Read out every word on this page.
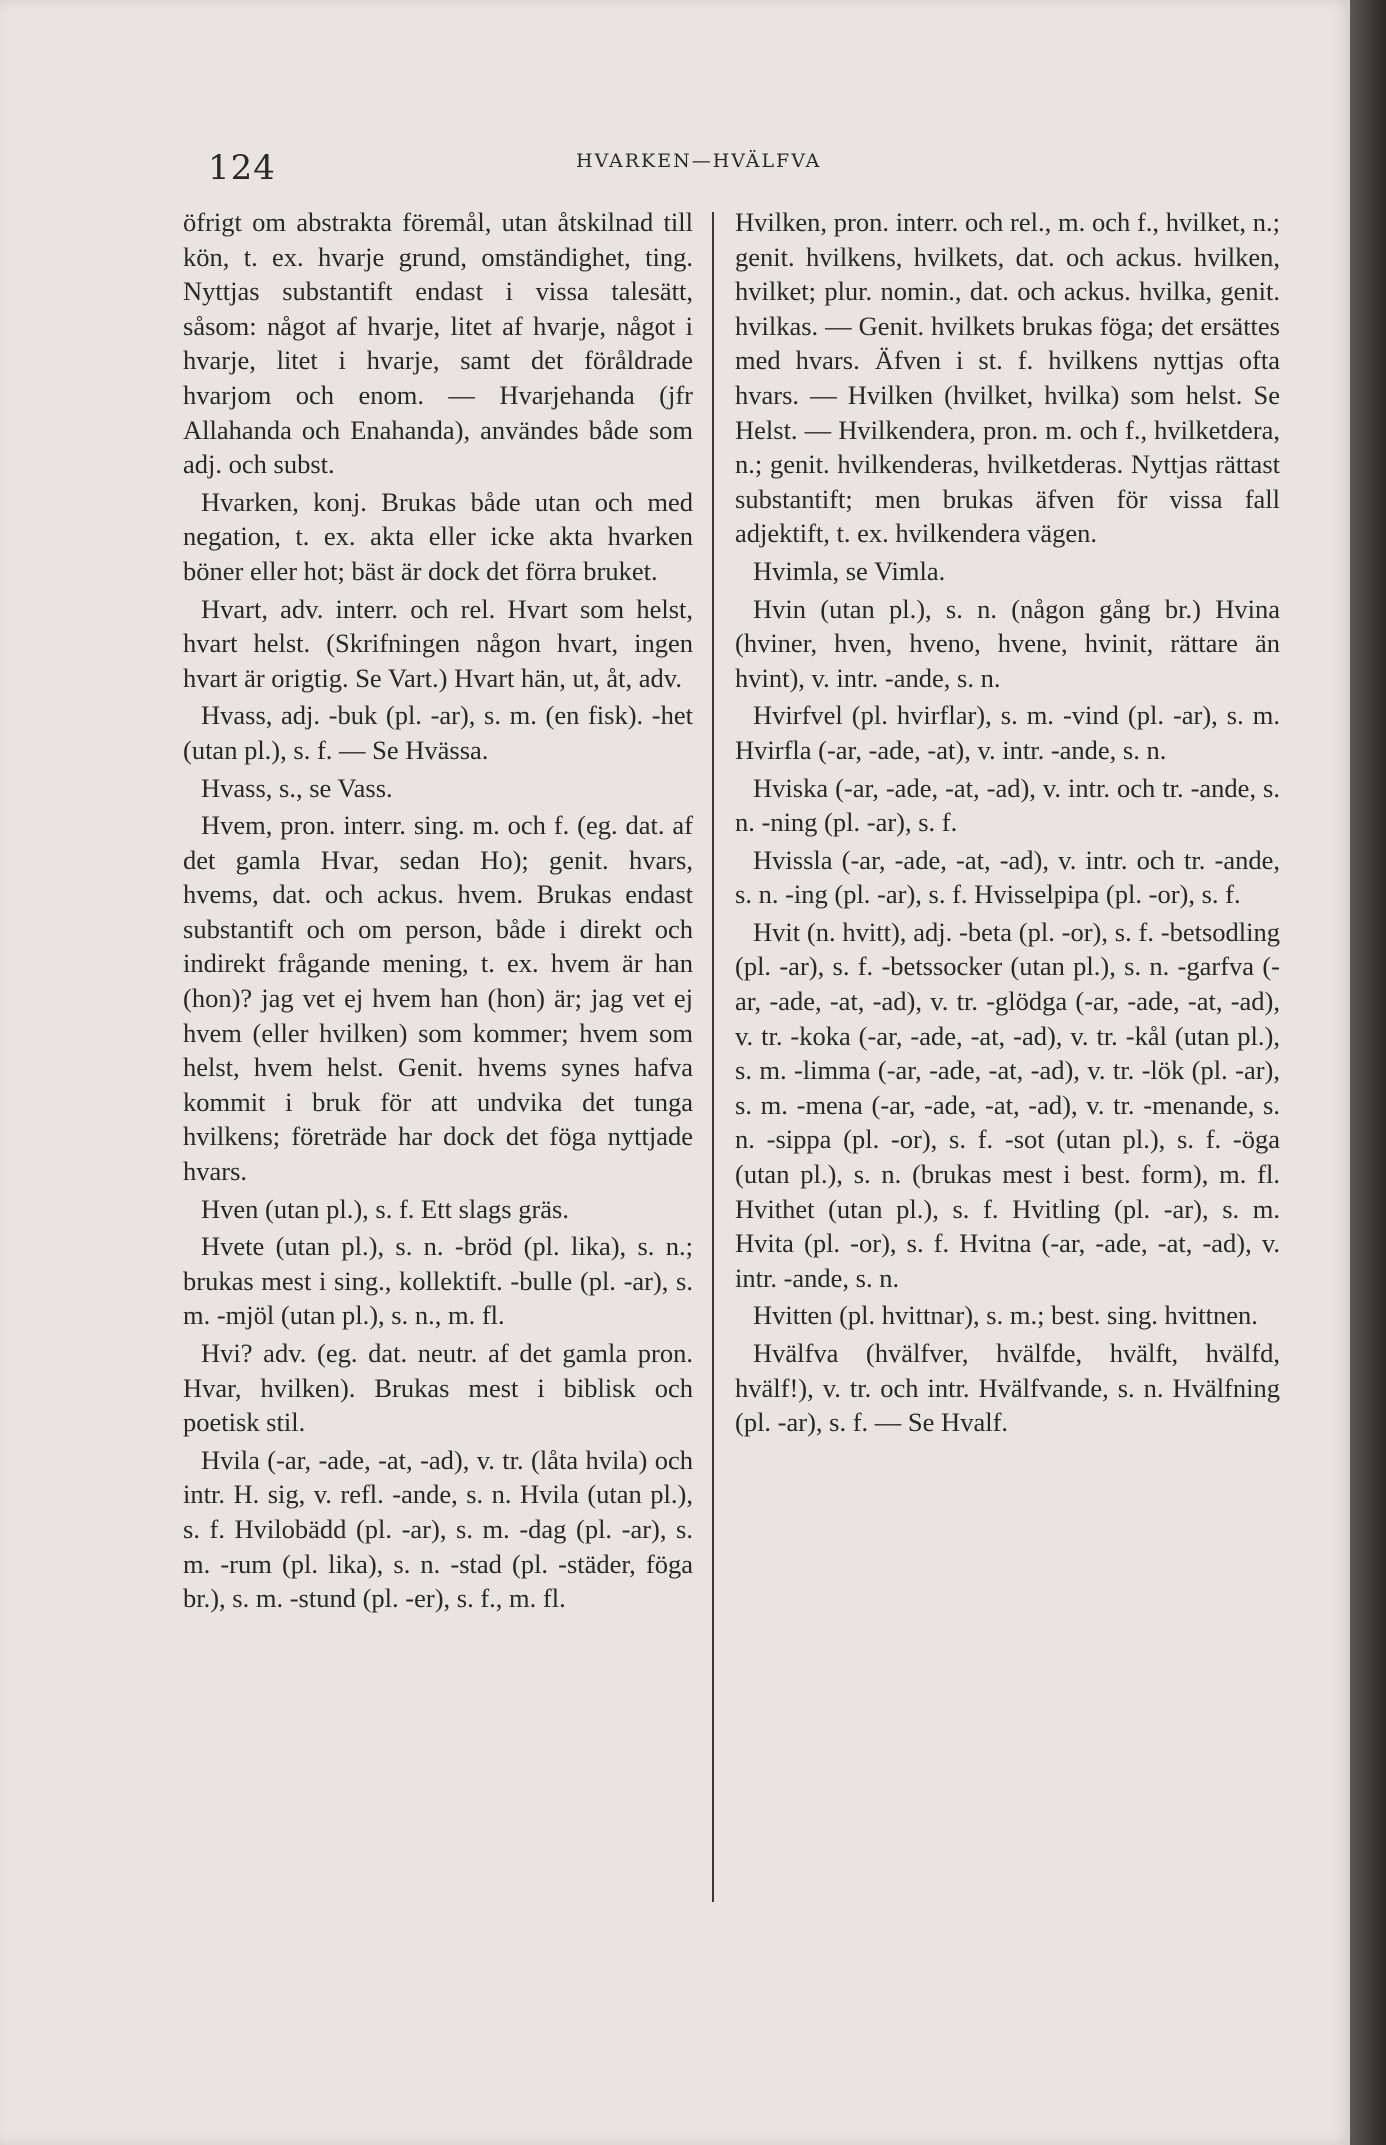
124	HVARKEN—HVÄLFVA

öfrigt om abstrakta föremål, utan åtskilnad till kön, t. ex. hvarje grund, omständighet, ting. Nyttjas substantift endast i vissa talesätt, såsom: något af hvarje, litet af hvarje, något i hvarje, litet i hvarje, samt det föråldrade hvarjom och enom. — Hvarjehanda (jfr Allahanda och Enahanda), användes både som adj. och subst.

Hvarken, konj. Brukas både utan och med negation, t. ex. akta eller icke akta hvarken böner eller hot; bäst är dock det förra bruket.

Hvart, adv. interr. och rel. Hvart som helst, hvart helst. (Skrifningen någon hvart, ingen hvart är origtig. Se Vart.) Hvart hän, ut, åt, adv.

Hvass, adj. -buk (pl. -ar), s. m. (en fisk). -het (utan pl.), s. f. — Se Hvässa.

Hvass, s., se Vass.

Hvem, pron. interr. sing. m. och f. (eg. dat. af det gamla Hvar, sedan Ho); genit. hvars, hvems, dat. och ackus. hvem. Brukas endast substantift och om person, både i direkt och indirekt frågande mening, t. ex. hvem är han (hon)? jag vet ej hvem han (hon) är; jag vet ej hvem (eller hvilken) som kommer; hvem som helst, hvem helst. Genit. hvems synes hafva kommit i bruk för att undvika det tunga hvilkens; företräde har dock det föga nyttjade hvars.

Hven (utan pl.), s. f. Ett slags gräs.

Hvete (utan pl.), s. n. -bröd (pl. lika), s. n.; brukas mest i sing., kollektift. -bulle (pl. -ar), s. m. -mjöl (utan pl.), s. n., m. fl.

Hvi? adv. (eg. dat. neutr. af det gamla pron. Hvar, hvilken). Brukas mest i biblisk och poetisk stil.

Hvila (-ar, -ade, -at, -ad), v. tr. (låta hvila) och intr. H. sig, v. refl. -ande, s. n. Hvila (utan pl.), s. f. Hvilobädd (pl. -ar), s. m. -dag (pl. -ar), s. m. -rum (pl. lika), s. n. -stad (pl. -städer, föga br.), s. m. -stund (pl. -er), s. f., m. fl.

Hvilken, pron. interr. och rel., m. och f., hvilket, n.; genit. hvilkens, hvilkets, dat. och ackus. hvilken, hvilket; plur. nomin., dat. och ackus. hvilka, genit. hvilkas. — Genit. hvilkets brukas föga; det ersättes med hvars. Äfven i st. f. hvilkens nyttjas ofta hvars. — Hvilken (hvilket, hvilka) som helst. Se Helst. — Hvilkendera, pron. m. och f., hvilketdera, n.; genit. hvilkenderas, hvilketderas. Nyttjas rättast substantift; men brukas äfven för vissa fall adjektift, t. ex. hvilkendera vägen.

Hvimla, se Vimla.

Hvin (utan pl.), s. n. (någon gång br.) Hvina (hviner, hven, hveno, hvene, hvinit, rättare än hvint), v. intr. -ande, s. n.

Hvirfvel (pl. hvirflar), s. m. -vind (pl. -ar), s. m. Hvirfla (-ar, -ade, -at), v. intr. -ande, s. n.

Hviska (-ar, -ade, -at, -ad), v. intr. och tr. -ande, s. n. -ning (pl. -ar), s. f.

Hvissla (-ar, -ade, -at, -ad), v. intr. och tr. -ande, s. n. -ing (pl. -ar), s. f. Hvisselpipa (pl. -or), s. f.

Hvit (n. hvitt), adj. -beta (pl. -or), s. f. -betsodling (pl. -ar), s. f. -betssocker (utan pl.), s. n. -garfva (-ar, -ade, -at, -ad), v. tr. -glödga (-ar, -ade, -at, -ad), v. tr. -koka (-ar, -ade, -at, -ad), v. tr. -kål (utan pl.), s. m. -limma (-ar, -ade, -at, -ad), v. tr. -lök (pl. -ar), s. m. -mena (-ar, -ade, -at, -ad), v. tr. -menande, s. n. -sippa (pl. -or), s. f. -sot (utan pl.), s. f. -öga (utan pl.), s. n. (brukas mest i best. form), m. fl. Hvithet (utan pl.), s. f. Hvitling (pl. -ar), s. m. Hvita (pl. -or), s. f. Hvitna (-ar, -ade, -at, -ad), v. intr. -ande, s. n.

Hvitten (pl. hvittnar), s. m.; best. sing. hvittnen.

Hvälfva (hvälfver, hvälfde, hvälft, hvälfd, hvälf!), v. tr. och intr. Hvälfvande, s. n. Hvälfning (pl. -ar), s. f. — Se Hvalf.
